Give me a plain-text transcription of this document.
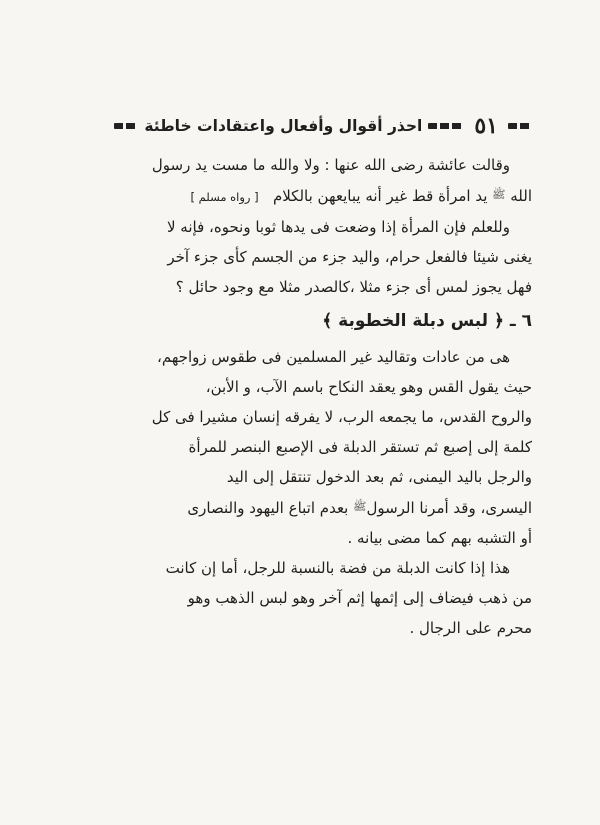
٥١
احذر أقوال وأفعال واعتقادات خاطئة

وقالت عائشة رضى الله عنها : ولا والله ما مست يد رسول

الله $^ﷺ$ يد امرأة قط غير أنه يبايعهن بالكلام   [ رواه مسلم ]

وللعلم فإن المرأة إذا وضعت فى يدها ثوبا ونحوه، فإنه لا

يغنى شيئا فالفعل حرام، واليد جزء من الجسم كأى جزء آخر

فهل يجوز لمس أى جزء مثلا ،كالصدر مثلا مع وجود حائل ؟

٦ ـ ﴿ لبس دبلة الخطوبة ﴾

هى من عادات وتقاليد غير المسلمين فى طقوس زواجهم،

حيث يقول القس وهو يعقد النكاح باسم الآب، و الأبن،

والروح القدس، ما يجمعه الرب، لا يفرقه إنسان مشيرا فى كل

كلمة إلى إصبع ثم تستقر الدبلة فى الإصبع البنصر للمرأة

والرجل باليد اليمنى، ثم بعد الدخول تنتقل إلى اليد

اليسرى، وقد أمرنا الرسول$^ﷺ$ بعدم اتباع اليهود والنصارى

أو التشبه بهم كما مضى بيانه .

هذا إذا كانت الدبلة من فضة بالنسبة للرجل، أما إن كانت

من ذهب فيضاف إلى إثمها إثم آخر وهو لبس الذهب وهو

محرم على الرجال .
